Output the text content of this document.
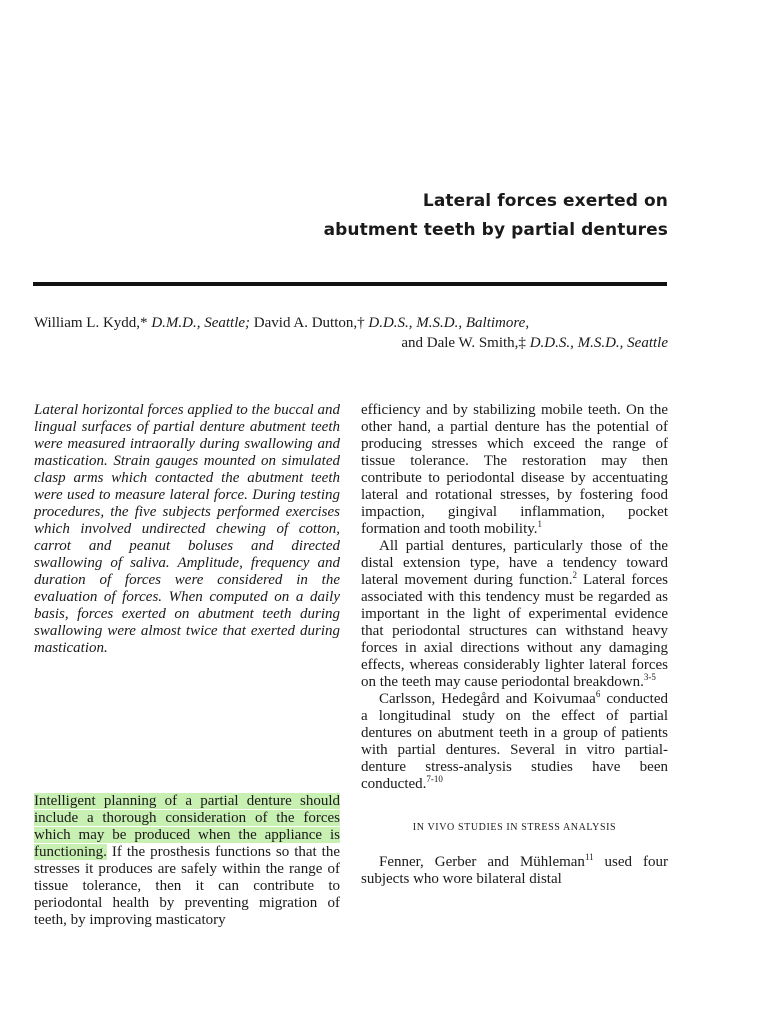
Lateral forces exerted on
abutment teeth by partial dentures
William L. Kydd,* D.M.D., Seattle; David A. Dutton,† D.D.S., M.S.D., Baltimore,
and Dale W. Smith,‡ D.D.S., M.S.D., Seattle

Lateral horizontal forces applied to the buccal and lingual surfaces of partial denture abutment teeth were measured intraorally during swallowing and mastication. Strain gauges mounted on simulated clasp arms which contacted the abutment teeth were used to measure lateral force. During testing procedures, the five subjects performed exercises which involved undirected chewing of cotton, carrot and peanut boluses and directed swallowing of saliva. Amplitude, frequency and duration of forces were considered in the evaluation of forces. When computed on a daily basis, forces exerted on abutment teeth during swallowing were almost twice that exerted during mastication.

Intelligent planning of a partial denture should include a thorough consideration of the forces which may be produced when the appliance is functioning. If the prosthesis functions so that the stresses it produces are safely within the range of tissue tolerance, then it can contribute to periodontal health by preventing migration of teeth, by improving masticatory

efficiency and by stabilizing mobile teeth. On the other hand, a partial denture has the potential of producing stresses which exceed the range of tissue tolerance. The restoration may then contribute to periodontal disease by accentuating lateral and rotational stresses, by fostering food impaction, gingival inflammation, pocket formation and tooth mobility.$^1$

All partial dentures, particularly those of the distal extension type, have a tendency toward lateral movement during function.$^2$ Lateral forces associated with this tendency must be regarded as important in the light of experimental evidence that periodontal structures can withstand heavy forces in axial directions without any damaging effects, whereas considerably lighter lateral forces on the teeth may cause periodontal breakdown.$^{3-5}$

Carlsson, Hedegård and Koivumaa$^6$ conducted a longitudinal study on the effect of partial dentures on abutment teeth in a group of patients with partial dentures. Several in vitro partial-denture stress-analysis studies have been conducted.$^{7-10}$

IN VIVO STUDIES IN STRESS ANALYSIS

Fenner, Gerber and Mühleman$^{11}$ used four subjects who wore bilateral distal
